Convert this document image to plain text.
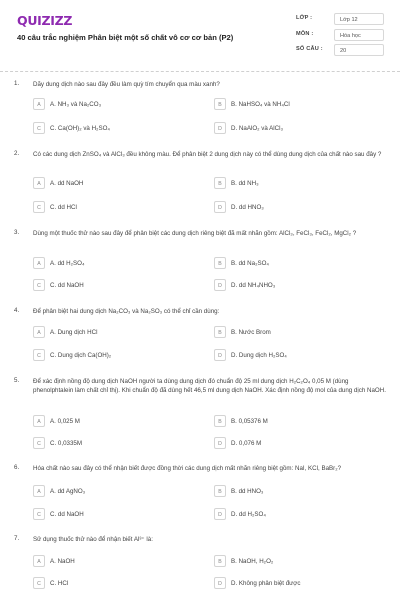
QUIZIZZ
40 câu trắc nghiệm Phân biệt một số chất vô cơ cơ bản (P2)
LỚP :	Lớp 12
MÔN :	Hóa học
SỐ CÂU :	20
1. Dãy dung dịch nào sau đây đều làm quỳ tím chuyển qua màu xanh?
A	A. NH₃ và Na₂CO₃	B	B. NaHSO₄ và NH₄Cl
C	C. Ca(OH)₂ và H₂SO₄	D	D. NaAlO₂ và AlCl₃
2. Có các dung dịch ZnSO₄ và AlCl₃ đều không màu. Để phân biệt 2 dung dịch này có thể dùng dung dịch của chất nào sau đây ?
A	A. dd NaOH	B	B. dd NH₃
C	C. dd HCl	D	D. dd HNO₃
3. Dùng một thuốc thử nào sau đây để phân biệt các dung dịch riêng biệt đã mất nhãn gồm: AlCl₃, FeCl₃, FeCl₂, MgCl₂ ?
A	A. dd H₂SO₄	B	B. dd Na₂SO₄
C	C. dd NaOH	D	D. dd NH₄NHO₃
4. Để phân biệt hai dung dịch Na₂CO₃ và Na₂SO₃ có thể chỉ cần dùng:
A	A. Dung dịch HCl	B	B. Nước Brom
C	C. Dung dịch Ca(OH)₂	D	D. Dung dịch H₂SO₄
5. Để xác định nồng độ dung dịch NaOH người ta dùng dung dịch đó chuẩn độ 25 ml dung dịch H₂C₂O₄ 0,05 M (dùng phenolphtalein làm chất chỉ thị). Khi chuẩn độ đã dùng hết 46,5 ml dung dịch NaOH. Xác định nồng độ mol của dung dịch NaOH.
A	A. 0,025 M	B	B. 0,05376 M
C	C. 0,0335M	D	D. 0,076 M
6. Hóa chất nào sau đây có thể nhận biết được đồng thời các dung dịch mất nhãn riêng biệt gồm: NaI, KCl, BaBr₂?
A	A. dd AgNO₃	B	B. dd HNO₃
C	C. dd NaOH	D	D. dd H₂SO₄
7. Sử dụng thuốc thử nào để nhận biết Al³⁺ là:
A	A. NaOH	B	B. NaOH, H₂O₂
C	C. HCl	D	D. Không phân biệt được
